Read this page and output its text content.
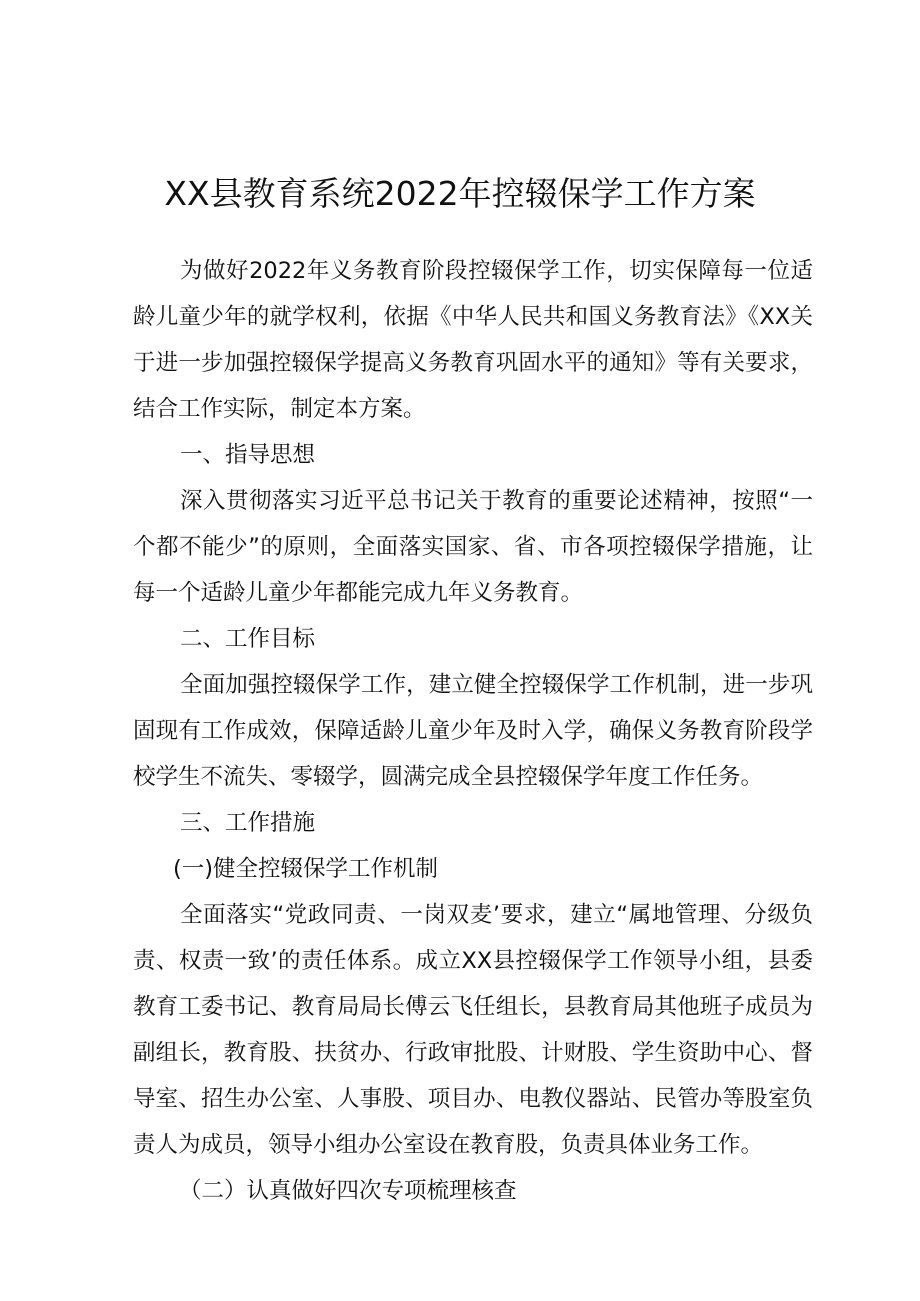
XX县教育系统2022年控辍保学工作方案

为做好2022年义务教育阶段控辍保学工作，切实保障每一位适龄儿童少年的就学权利，依据《中华人民共和国义务教育法》《XX关于进一步加强控辍保学提高义务教育巩固水平的通知》等有关要求，结合工作实际，制定本方案。

一、指导思想

深入贯彻落实习近平总书记关于教育的重要论述精神，按照“一个都不能少”的原则，全面落实国家、省、市各项控辍保学措施，让每一个适龄儿童少年都能完成九年义务教育。

二、工作目标

全面加强控辍保学工作，建立健全控辍保学工作机制，进一步巩固现有工作成效，保障适龄儿童少年及时入学，确保义务教育阶段学校学生不流失、零辍学，圆满完成全县控辍保学年度工作任务。

三、工作措施

(一)健全控辍保学工作机制

全面落实“党政同责、一岗双麦’要求，建立“属地管理、分级负责、权责一致’的责任体系。成立XX县控辍保学工作领导小组，县委教育工委书记、教育局局长傅云飞任组长，县教育局其他班子成员为副组长，教育股、扶贫办、行政审批股、计财股、学生资助中心、督导室、招生办公室、人事股、项目办、电教仪器站、民管办等股室负责人为成员，领导小组办公室设在教育股，负责具体业务工作。

（二）认真做好四次专项梳理核查
